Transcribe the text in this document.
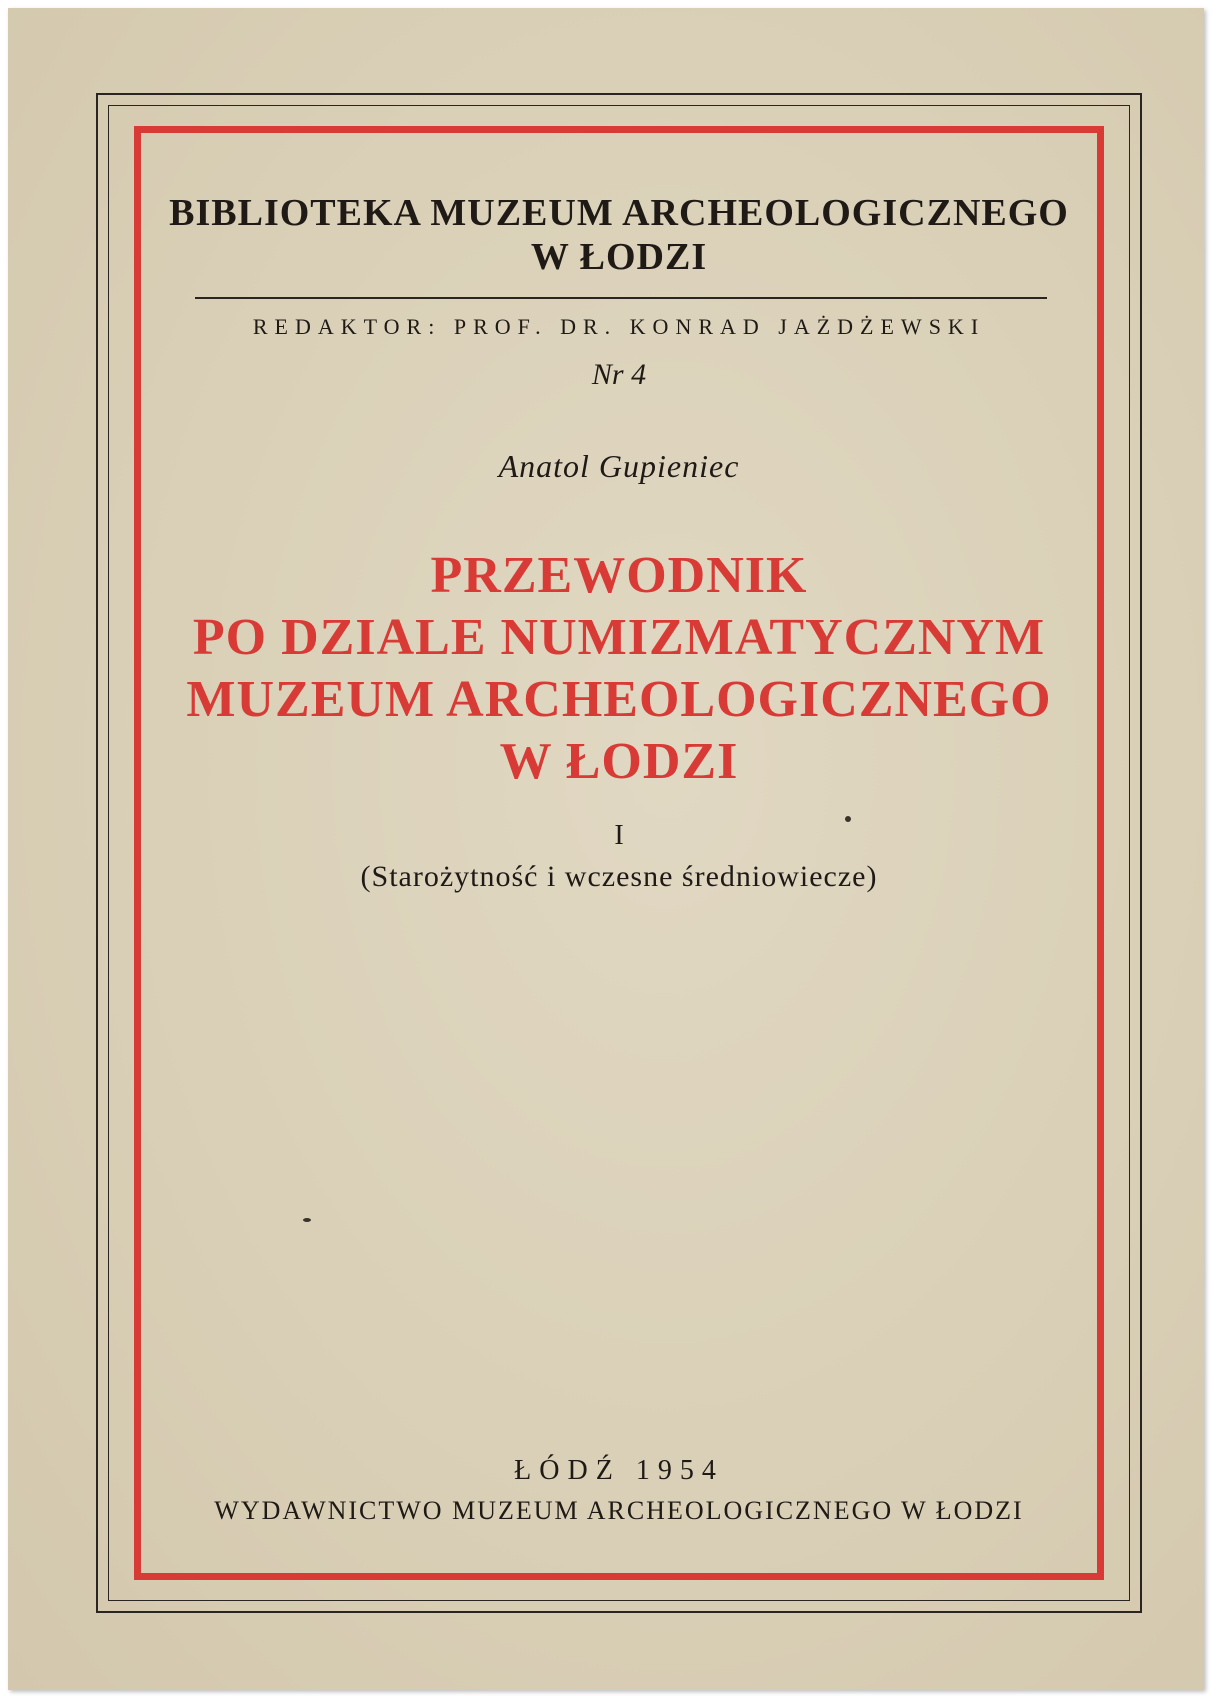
BIBLIOTEKA MUZEUM ARCHEOLOGICZNEGO
W ŁODZI
REDAKTOR: PROF. DR. KONRAD JAŻDŻEWSKI
Nr 4
Anatol Gupieniec
PRZEWODNIK
PO DZIALE NUMIZMATYCZNYM
MUZEUM ARCHEOLOGICZNEGO
W ŁODZI
I
(Starożytność i wczesne średniowiecze)
ŁÓDŹ 1954
WYDAWNICTWO MUZEUM ARCHEOLOGICZNEGO W ŁODZI
